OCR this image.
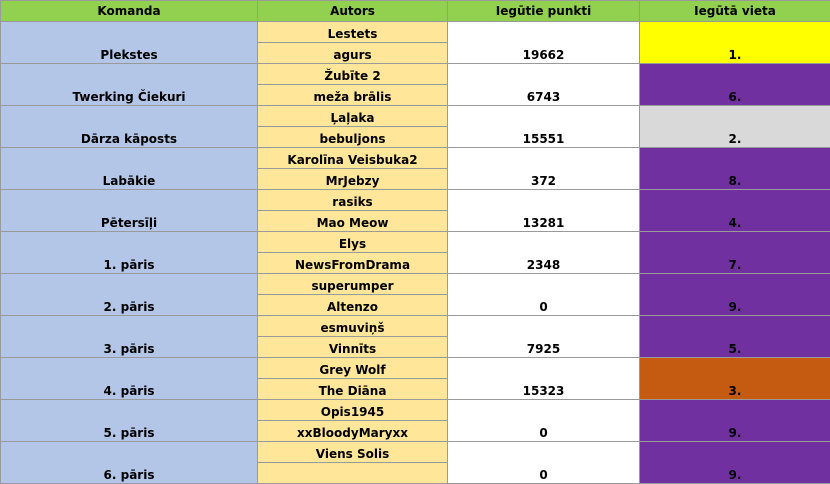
Komanda	Autors	Iegūtie punkti	Iegūtā vieta
Plekstes	Lestets	19662	1.
	agurs		
Twerking Čiekuri	Žubīte 2	6743	6.
	meža brālis		
Dārza kāposts	Ļaļaka	15551	2.
	bebuljons		
Labākie	Karolīna Veisbuka2	372	8.
	MrJebzy		
Pētersīļi	rasiks	13281	4.
	Mao Meow		
1. pāris	Elys	2348	7.
	NewsFromDrama		
2. pāris	superumper	0	9.
	Altenzo		
3. pāris	esmuviņš	7925	5.
	Vinnīts		
4. pāris	Grey Wolf	15323	3.
	The Diāna		
5. pāris	Opis1945	0	9.
	xxBloodyMaryxx		
6. pāris	Viens Solis	0	9.
